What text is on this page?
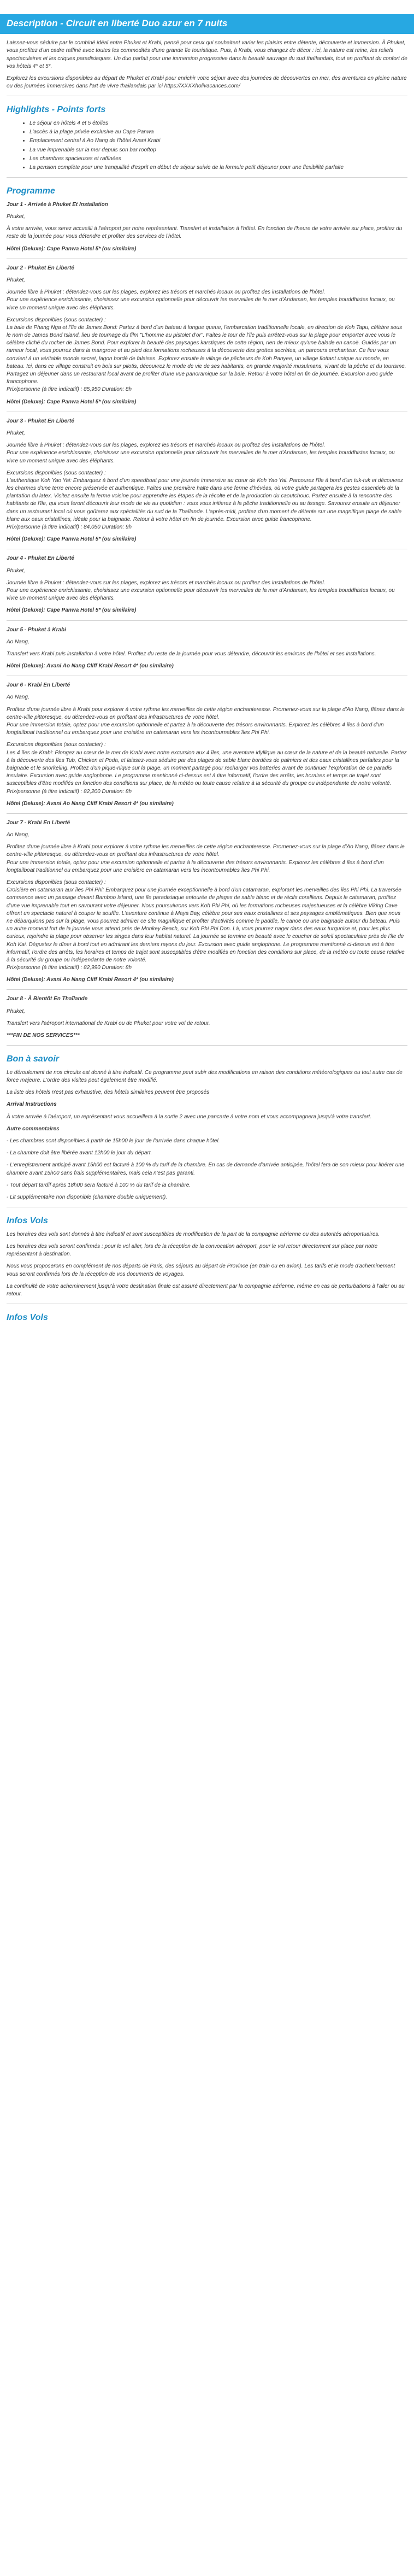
Description - Circuit en liberté Duo azur en 7 nuits

Laissez-vous séduire par le combiné idéal entre Phuket et Krabi, pensé pour ceux qui souhaitent varier les plaisirs entre détente, découverte et immersion. À Phuket, vous profitez d'un cadre raffiné avec toutes les commodités d'une grande île touristique. Puis, à Krabi, vous changez de décor : ici, la nature est reine, les reliefs spectaculaires et les criques paradisiaques. Un duo parfait pour une immersion progressive dans la beauté sauvage du sud thaïlandais, tout en profitant du confort de vos hôtels 4* et 5*.

Explorez les excursions disponibles au départ de Phuket et Krabi pour enrichir votre séjour avec des journées de découvertes en mer, des aventures en pleine nature ou des journées immersives dans l'art de vivre thaïlandais par ici https://XXXXholivacances.com/

Highlights - Points forts
• Le séjour en hôtels 4 et 5 étoiles
• L'accès à la plage privée exclusive au Cape Panwa
• Emplacement central à Ao Nang de l'hôtel Avani Krabi
• La vue imprenable sur la mer depuis son bar rooftop
• Les chambres spacieuses et raffinées
• La pension complète pour une tranquillité d'esprit en début de séjour suivie de la formule petit déjeuner pour une flexibilité parfaite
Programme

Jour 1 - Arrivée à Phuket Et Installation

Phuket,

À votre arrivée, vous serez accueilli à l'aéroport par notre représentant. Transfert et installation à l'hôtel. En fonction de l'heure de votre arrivée sur place, profitez du reste de la journée pour vous détendre et profiter des services de l'hôtel.

Hôtel (Deluxe): Cape Panwa Hotel 5* (ou similaire)

Jour 2 - Phuket En Liberté

Phuket,

Journée libre à Phuket : détendez-vous sur les plages, explorez les trésors et marchés locaux ou profitez des installations de l'hôtel.
Pour une expérience enrichissante, choisissez une excursion optionnelle pour découvrir les merveilles de la mer d'Andaman, les temples bouddhistes locaux, ou vivre un moment unique avec des éléphants.

Excursions disponibles (sous contacter) :
La baie de Phang Nga et l'île de James Bond: Partez à bord d'un bateau à longue queue, l'embarcation traditionnelle locale, en direction de Koh Tapu, célèbre sous le nom de James Bond Island, lieu de tournage du film "L'homme au pistolet d'or". Faites le tour de l'île puis arrêtez-vous sur la plage pour emporter avec vous le célèbre cliché du rocher de James Bond. Pour explorer la beauté des paysages karstiques de cette région, rien de mieux qu'une balade en canoë. Guidés par un rameur local, vous pourrez dans la mangrove et au pied des formations rocheuses à la découverte des grottes secrètes, un parcours enchanteur. Ce lieu vous convient à un véritable monde secret, lagon bordé de falaises. Explorez ensuite le village de pêcheurs de Koh Panyee, un village flottant unique au monde, en bateau. Ici, dans ce village construit en bois sur pilotis, découvrez le mode de vie de ses habitants, en grande majorité musulmans, vivant de la pêche et du tourisme. Partagez un déjeuner dans un restaurant local avant de profiter d'une vue panoramique sur la baie. Retour à votre hôtel en fin de journée. Excursion avec guide francophone.
Prix/personne (à titre indicatif) : 85,950 Duration: 8h

Hôtel (Deluxe): Cape Panwa Hotel 5* (ou similaire)

Jour 3 - Phuket En Liberté

Phuket,

Journée libre à Phuket : détendez-vous sur les plages, explorez les trésors et marchés locaux ou profitez des installations de l'hôtel.
Pour une expérience enrichissante, choisissez une excursion optionnelle pour découvrir les merveilles de la mer d'Andaman, les temples bouddhistes locaux, ou vivre un moment unique avec des éléphants.

Excursions disponibles (sous contacter) :
L'authentique Koh Yao Yai: Embarquez à bord d'un speedboat pour une journée immersive au cœur de Koh Yao Yai. Parcourez l'île à bord d'un tuk-tuk et découvrez les charmes d'une terre encore préservée et authentique. Faites une première halte dans une ferme d'hévéas, où votre guide partagera les gestes essentiels de la plantation du latex. Visitez ensuite la ferme voisine pour apprendre les étapes de la récolte et de la production du caoutchouc. Partez ensuite à la rencontre des habitants de l'île, qui vous feront découvrir leur mode de vie au quotidien : vous vous initierez à la pêche traditionnelle ou au tissage. Savourez ensuite un déjeuner dans un restaurant local où vous goûterez aux spécialités du sud de la Thaïlande. L'après-midi, profitez d'un moment de détente sur une magnifique plage de sable blanc aux eaux cristallines, idéale pour la baignade. Retour à votre hôtel en fin de journée. Excursion avec guide francophone.
Prix/personne (à titre indicatif) : 84,050 Duration: 9h

Hôtel (Deluxe): Cape Panwa Hotel 5* (ou similaire)

Jour 4 - Phuket En Liberté

Phuket,

Journée libre à Phuket : détendez-vous sur les plages, explorez les trésors et marchés locaux ou profitez des installations de l'hôtel.
Pour une expérience enrichissante, choisissez une excursion optionnelle pour découvrir les merveilles de la mer d'Andaman, les temples bouddhistes locaux, ou vivre un moment unique avec des éléphants.

Hôtel (Deluxe): Cape Panwa Hotel 5* (ou similaire)

Jour 5 - Phuket à Krabi

Ao Nang,

Transfert vers Krabi puis installation à votre hôtel. Profitez du reste de la journée pour vous détendre, découvrir les environs de l'hôtel et ses installations.

Hôtel (Deluxe): Avani Ao Nang Cliff Krabi Resort 4* (ou similaire)

Jour 6 - Krabi En Liberté

Ao Nang,

Profitez d'une journée libre à Krabi pour explorer à votre rythme les merveilles de cette région enchanteresse. Promenez-vous sur la plage d'Ao Nang, flânez dans le centre-ville pittoresque, ou détendez-vous en profitant des infrastructures de votre hôtel.
Pour une immersion totale, optez pour une excursion optionnelle et partez à la découverte des trésors environnants. Explorez les célèbres 4 îles à bord d'un longtailboat traditionnel ou embarquez pour une croisière en catamaran vers les incontournables îles Phi Phi.

Excursions disponibles (sous contacter) :
Les 4 îles de Krabi: Plongez au cœur de la mer de Krabi avec notre excursion aux 4 îles, une aventure idyllique au cœur de la nature et de la beauté naturelle. Partez à la découverte des îles Tub, Chicken et Poda, et laissez-vous séduire par des plages de sable blanc bordées de palmiers et des eaux cristallines parfaites pour la baignade et le snorkeling. Profitez d'un pique-nique sur la plage, un moment partagé pour recharger vos batteries avant de continuer l'exploration de ce paradis insulaire. Excursion avec guide anglophone. Le programme mentionné ci-dessus est à titre informatif, l'ordre des arrêts, les horaires et temps de trajet sont susceptibles d'être modifiés en fonction des conditions sur place, de la météo ou toute cause relative à la sécurité du groupe ou indépendante de notre volonté.
Prix/personne (à titre indicatif) : 82,200 Duration: 8h

Hôtel (Deluxe): Avani Ao Nang Cliff Krabi Resort 4* (ou similaire)

Jour 7 - Krabi En Liberté

Ao Nang,

Profitez d'une journée libre à Krabi pour explorer à votre rythme les merveilles de cette région enchanteresse. Promenez-vous sur la plage d'Ao Nang, flânez dans le centre-ville pittoresque, ou détendez-vous en profitant des infrastructures de votre hôtel.
Pour une immersion totale, optez pour une excursion optionnelle et partez à la découverte des trésors environnants. Explorez les célèbres 4 îles à bord d'un longtailboat traditionnel ou embarquez pour une croisière en catamaran vers les incontournables îles Phi Phi.

Excursions disponibles (sous contacter) :
Croisière en catamaran aux îles Phi Phi: Embarquez pour une journée exceptionnelle à bord d'un catamaran, explorant les merveilles des îles Phi Phi. La traversée commence avec un passage devant Bamboo Island, une île paradisiaque entourée de plages de sable blanc et de récifs coralliens. Depuis le catamaran, profitez d'une vue imprenable tout en savourant votre déjeuner. Nous poursuivrons vers Koh Phi Phi, où les formations rocheuses majestueuses et la célèbre Viking Cave offrent un spectacle naturel à couper le souffle. L'aventure continue à Maya Bay, célèbre pour ses eaux cristallines et ses paysages emblématiques. Bien que nous ne débarquions pas sur la plage, vous pourrez admirer ce site magnifique et profiter d'activités comme le paddle, le canoë ou une baignade autour du bateau. Puis un autre moment fort de la journée vous attend près de Monkey Beach, sur Koh Phi Phi Don. Là, vous pourrez nager dans des eaux turquoise et, pour les plus curieux, rejoindre la plage pour observer les singes dans leur habitat naturel. La journée se termine en beauté avec le coucher de soleil spectaculaire près de l'île de Koh Kai. Dégustez le dîner à bord tout en admirant les derniers rayons du jour. Excursion avec guide anglophone. Le programme mentionné ci-dessus est à titre informatif, l'ordre des arrêts, les horaires et temps de trajet sont susceptibles d'être modifiés en fonction des conditions sur place, de la météo ou toute cause relative à la sécurité du groupe ou indépendante de notre volonté.
Prix/personne (à titre indicatif) : 82,990 Duration: 8h

Hôtel (Deluxe): Avani Ao Nang Cliff Krabi Resort 4* (ou similaire)

Jour 8 - À Bientôt En Thaïlande

Phuket,

Transfert vers l'aéroport international de Krabi ou de Phuket pour votre vol de retour.

***FIN DE NOS SERVICES***

Bon à savoir

Le déroulement de nos circuits est donné à titre indicatif. Ce programme peut subir des modifications en raison des conditions météorologiques ou tout autre cas de force majeure. L'ordre des visites peut également être modifié.

La liste des hôtels n'est pas exhaustive, des hôtels similaires peuvent être proposés

Arrival Instructions

À votre arrivée à l'aéroport, un représentant vous accueillera à la sortie 2 avec une pancarte à votre nom et vous accompagnera jusqu'à votre transfert.

Autre commentaires

- Les chambres sont disponibles à partir de 15h00 le jour de l'arrivée dans chaque hôtel.

- La chambre doit être libérée avant 12h00 le jour du départ.

- L'enregistrement anticipé avant 15h00 est facturé à 100 % du tarif de la chambre. En cas de demande d'arrivée anticipée, l'hôtel fera de son mieux pour libérer une chambre avant 15h00 sans frais supplémentaires, mais cela n'est pas garanti.

- Tout départ tardif après 18h00 sera facturé à 100 % du tarif de la chambre.

- Lit supplémentaire non disponible (chambre double uniquement).

Infos Vols

Les horaires des vols sont donnés à titre indicatif et sont susceptibles de modification de la part de la compagnie aérienne ou des autorités aéroportuaires.

Les horaires des vols seront confirmés : pour le vol aller, lors de la réception de la convocation aéroport, pour le vol retour directement sur place par notre représentant à destination.

Nous vous proposerons en complément de nos départs de Paris, des séjours au départ de Province (en train ou en avion). Les tarifs et le mode d'acheminement vous seront confirmés lors de la réception de vos documents de voyages.

La continuité de votre acheminement jusqu'à votre destination finale est assuré directement par la compagnie aérienne, même en cas de perturbations à l'aller ou au retour.

Infos Vols
